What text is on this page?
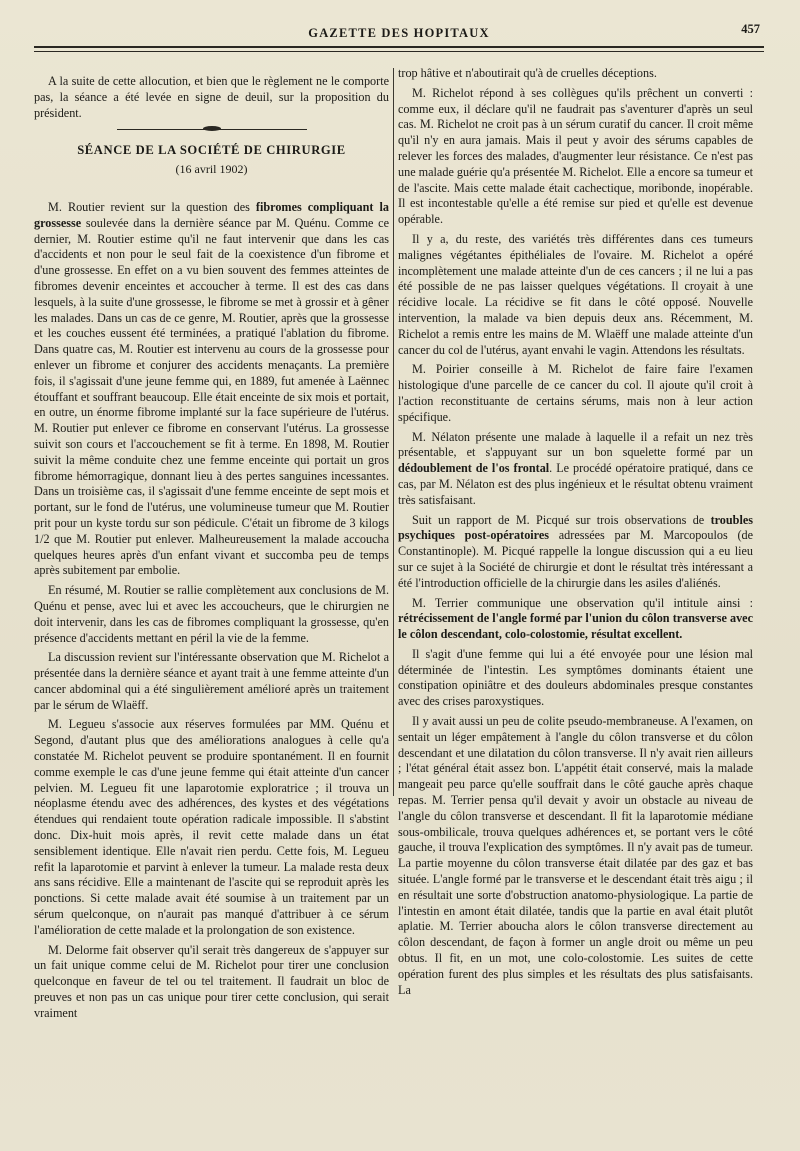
GAZETTE DES HOPITAUX	457

A la suite de cette allocution, et bien que le règlement ne le comporte pas, la séance a été levée en signe de deuil, sur la proposition du président.

SÉANCE DE LA SOCIÉTÉ DE CHIRURGIE
(16 avril 1902)

M. Routier revient sur la question des fibromes compliquant la grossesse soulevée dans la dernière séance par M. Quénu. Comme ce dernier, M. Routier estime qu'il ne faut intervenir que dans les cas d'accidents et non pour le seul fait de la coexistence d'un fibrome et d'une grossesse. En effet on a vu bien souvent des femmes atteintes de fibromes devenir enceintes et accoucher à terme. Il est des cas dans lesquels, à la suite d'une grossesse, le fibrome se met à grossir et à gêner les malades. Dans un cas de ce genre, M. Routier, après que la grossesse et les couches eussent été terminées, a pratiqué l'ablation du fibrome. Dans quatre cas, M. Routier est intervenu au cours de la grossesse pour enlever un fibrome et conjurer des accidents menaçants. La première fois, il s'agissait d'une jeune femme qui, en 1889, fut amenée à Laënnec étouffant et souffrant beaucoup. Elle était enceinte de six mois et portait, en outre, un énorme fibrome implanté sur la face supérieure de l'utérus. M. Routier put enlever ce fibrome en conservant l'utérus. La grossesse suivit son cours et l'accouchement se fit à terme. En 1898, M. Routier suivit la même conduite chez une femme enceinte qui portait un gros fibrome hémorragique, donnant lieu à des pertes sanguines incessantes. Dans un troisième cas, il s'agissait d'une femme enceinte de sept mois et portant, sur le fond de l'utérus, une volumineuse tumeur que M. Routier prit pour un kyste tordu sur son pédicule. C'était un fibrome de 3 kilogs 1/2 que M. Routier put enlever. Malheureusement la malade accoucha quelques heures après d'un enfant vivant et succomba peu de temps après subitement par embolie.

En résumé, M. Routier se rallie complètement aux conclusions de M. Quénu et pense, avec lui et avec les accoucheurs, que le chirurgien ne doit intervenir, dans les cas de fibromes compliquant la grossesse, qu'en présence d'accidents mettant en péril la vie de la femme.

La discussion revient sur l'intéressante observation que M. Richelot a présentée dans la dernière séance et ayant trait à une femme atteinte d'un cancer abdominal qui a été singulièrement amélioré après un traitement par le sérum de Wlaëff.

M. Legueu s'associe aux réserves formulées par MM. Quénu et Segond, d'autant plus que des améliorations analogues à celle qu'a constatée M. Richelot peuvent se produire spontanément. Il en fournit comme exemple le cas d'une jeune femme qui était atteinte d'un cancer pelvien. M. Legueu fit une laparotomie exploratrice ; il trouva un néoplasme étendu avec des adhérences, des kystes et des végétations étendues qui rendaient toute opération radicale impossible. Il s'abstint donc. Dix-huit mois après, il revit cette malade dans un état sensiblement identique. Elle n'avait rien perdu. Cette fois, M. Legueu refit la laparotomie et parvint à enlever la tumeur. La malade resta deux ans sans récidive. Elle a maintenant de l'ascite qui se reproduit après les ponctions. Si cette malade avait été soumise à un traitement par un sérum quelconque, on n'aurait pas manqué d'attribuer à ce sérum l'amélioration de cette malade et la prolongation de son existence.

M. Delorme fait observer qu'il serait très dangereux de s'appuyer sur un fait unique comme celui de M. Richelot pour tirer une conclusion quelconque en faveur de tel ou tel traitement. Il faudrait un bloc de preuves et non pas un cas unique pour tirer cette conclusion, qui serait vraiment

trop hâtive et n'aboutirait qu'à de cruelles déceptions.

M. Richelot répond à ses collègues qu'ils prêchent un converti : comme eux, il déclare qu'il ne faudrait pas s'aventurer d'après un seul cas. M. Richelot ne croit pas à un sérum curatif du cancer. Il croit même qu'il n'y en aura jamais. Mais il peut y avoir des sérums capables de relever les forces des malades, d'augmenter leur résistance. Ce n'est pas une malade guérie qu'a présentée M. Richelot. Elle a encore sa tumeur et de l'ascite. Mais cette malade était cachectique, moribonde, inopérable. Il est incontestable qu'elle a été remise sur pied et qu'elle est devenue opérable.

Il y a, du reste, des variétés très différentes dans ces tumeurs malignes végétantes épithéliales de l'ovaire. M. Richelot a opéré incomplètement une malade atteinte d'un de ces cancers ; il ne lui a pas été possible de ne pas laisser quelques végétations. Il croyait à une récidive locale. La récidive se fit dans le côté opposé. Nouvelle intervention, la malade va bien depuis deux ans. Récemment, M. Richelot a remis entre les mains de M. Wlaëff une malade atteinte d'un cancer du col de l'utérus, ayant envahi le vagin. Attendons les résultats.

M. Poirier conseille à M. Richelot de faire faire l'examen histologique d'une parcelle de ce cancer du col. Il ajoute qu'il croit à l'action reconstituante de certains sérums, mais non à leur action spécifique.

M. Nélaton présente une malade à laquelle il a refait un nez très présentable, et s'appuyant sur un bon squelette formé par un dédoublement de l'os frontal. Le procédé opératoire pratiqué, dans ce cas, par M. Nélaton est des plus ingénieux et le résultat obtenu vraiment très satisfaisant.

Suit un rapport de M. Picqué sur trois observations de troubles psychiques post-opératoires adressées par M. Marcopoulos (de Constantinople). M. Picqué rappelle la longue discussion qui a eu lieu sur ce sujet à la Société de chirurgie et dont le résultat très intéressant a été l'introduction officielle de la chirurgie dans les asiles d'aliénés.

M. Terrier communique une observation qu'il intitule ainsi : rétrécissement de l'angle formé par l'union du côlon transverse avec le côlon descendant, colo-colostomie, résultat excellent.

Il s'agit d'une femme qui lui a été envoyée pour une lésion mal déterminée de l'intestin. Les symptômes dominants étaient une constipation opiniâtre et des douleurs abdominales presque constantes avec des crises paroxystiques.

Il y avait aussi un peu de colite pseudo-membraneuse. A l'examen, on sentait un léger empâtement à l'angle du côlon transverse et du côlon descendant et une dilatation du côlon transverse. Il n'y avait rien ailleurs ; l'état général était assez bon. L'appétit était conservé, mais la malade mangeait peu parce qu'elle souffrait dans le côté gauche après chaque repas. M. Terrier pensa qu'il devait y avoir un obstacle au niveau de l'angle du côlon transverse et descendant. Il fit la laparotomie médiane sous-ombilicale, trouva quelques adhérences et, se portant vers le côté gauche, il trouva l'explication des symptômes. Il n'y avait pas de tumeur. La partie moyenne du côlon transverse était dilatée par des gaz et bas située. L'angle formé par le transverse et le descendant était très aigu ; il en résultait une sorte d'obstruction anatomo-physiologique. La partie de l'intestin en amont était dilatée, tandis que la partie en aval était plutôt aplatie. M. Terrier aboucha alors le côlon transverse directement au côlon descendant, de façon à former un angle droit ou même un peu obtus. Il fit, en un mot, une colo-colostomie. Les suites de cette opération furent des plus simples et les résultats des plus satisfaisants. La
